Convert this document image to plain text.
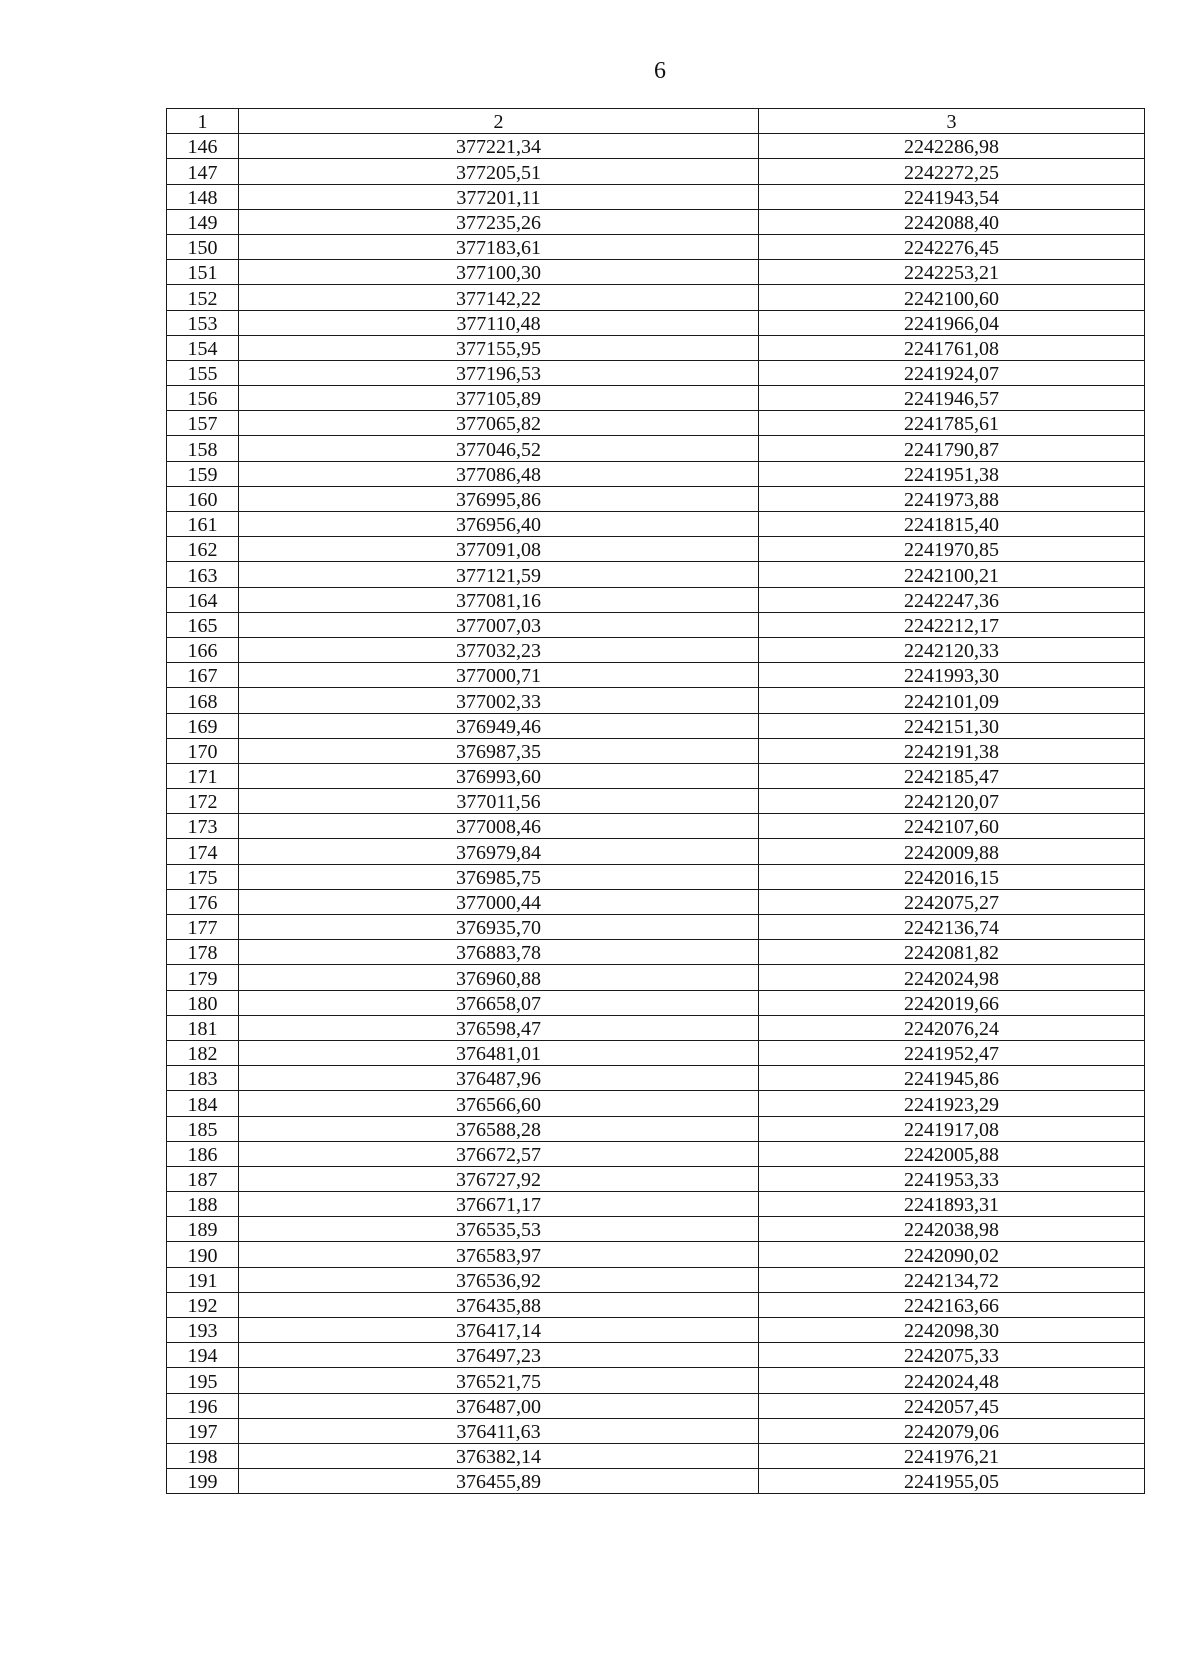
6
1	2	3
146	377221,34	2242286,98
147	377205,51	2242272,25
148	377201,11	2241943,54
149	377235,26	2242088,40
150	377183,61	2242276,45
151	377100,30	2242253,21
152	377142,22	2242100,60
153	377110,48	2241966,04
154	377155,95	2241761,08
155	377196,53	2241924,07
156	377105,89	2241946,57
157	377065,82	2241785,61
158	377046,52	2241790,87
159	377086,48	2241951,38
160	376995,86	2241973,88
161	376956,40	2241815,40
162	377091,08	2241970,85
163	377121,59	2242100,21
164	377081,16	2242247,36
165	377007,03	2242212,17
166	377032,23	2242120,33
167	377000,71	2241993,30
168	377002,33	2242101,09
169	376949,46	2242151,30
170	376987,35	2242191,38
171	376993,60	2242185,47
172	377011,56	2242120,07
173	377008,46	2242107,60
174	376979,84	2242009,88
175	376985,75	2242016,15
176	377000,44	2242075,27
177	376935,70	2242136,74
178	376883,78	2242081,82
179	376960,88	2242024,98
180	376658,07	2242019,66
181	376598,47	2242076,24
182	376481,01	2241952,47
183	376487,96	2241945,86
184	376566,60	2241923,29
185	376588,28	2241917,08
186	376672,57	2242005,88
187	376727,92	2241953,33
188	376671,17	2241893,31
189	376535,53	2242038,98
190	376583,97	2242090,02
191	376536,92	2242134,72
192	376435,88	2242163,66
193	376417,14	2242098,30
194	376497,23	2242075,33
195	376521,75	2242024,48
196	376487,00	2242057,45
197	376411,63	2242079,06
198	376382,14	2241976,21
199	376455,89	2241955,05
